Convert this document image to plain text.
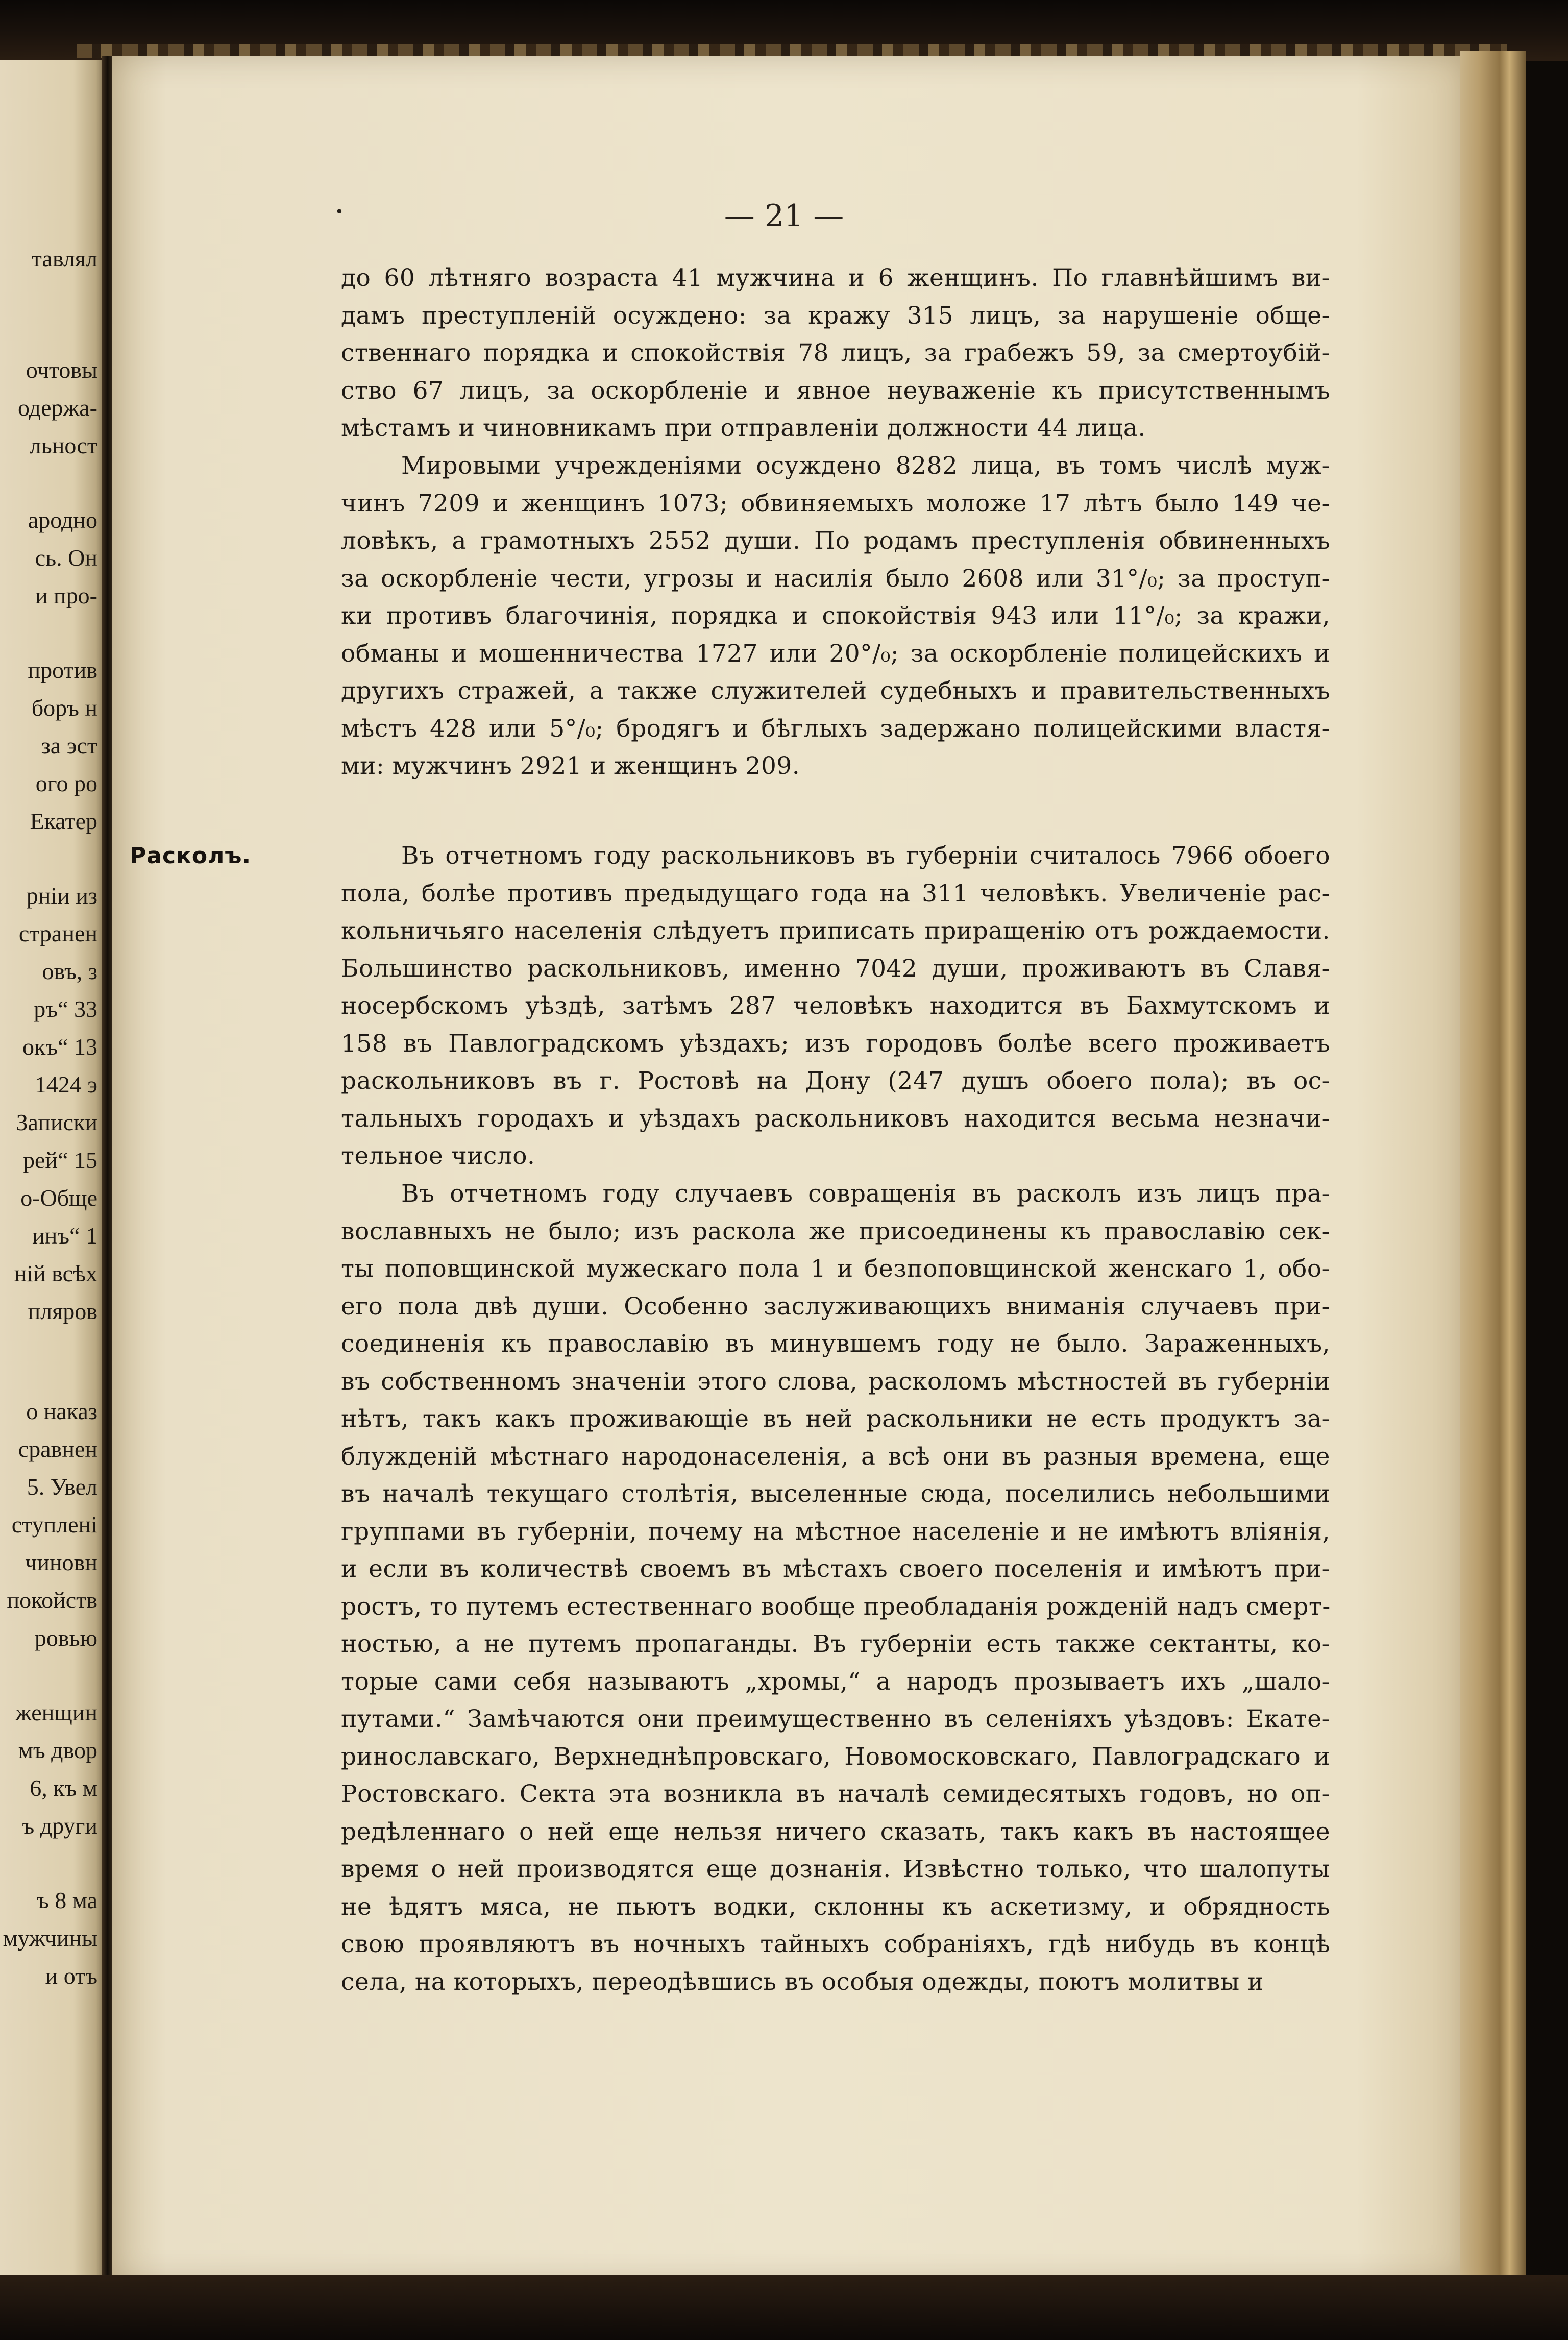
тавлял
очтовы
одержа-
льност
ародно
сь. Он
и про-
против
боръ н
за эст
ого ро
Екатер
рніи из
странен
овъ, з
ръ“ 33
окъ“ 13
1424 э
Записки
рей“ 15
о-Обще
инъ“ 1
ній всѣх
пляров
о наказ
сравнен
5. Увел
ступлені
чиновн
покойств
ровью
женщин
мъ двор
6, къ м
ъ други
ъ 8 ма
мужчины
и отъ
•	— 21 —
Расколъ.
до 60 лѣтняго возраста 41 мужчина и 6 женщинъ. По главнѣйшимъ ви-
дамъ преступленій осуждено: за кражу 315 лицъ, за нарушеніе обще-
ственнаго порядка и спокойствія 78 лицъ, за грабежъ 59, за смертоубій-
ство 67 лицъ, за оскорбленіе и явное неуваженіе къ присутственнымъ
мѣстамъ и чиновникамъ при отправленіи должности 44 лица.
Мировыми учрежденіями осуждено 8282 лица, въ томъ числѣ муж-
чинъ 7209 и женщинъ 1073; обвиняемыхъ моложе 17 лѣтъ было 149 че-
ловѣкъ, а грамотныхъ 2552 души. По родамъ преступленія обвиненныхъ
за оскорбленіе чести, угрозы и насилія было 2608 или 31°/₀; за проступ-
ки противъ благочинія, порядка и спокойствія 943 или 11°/₀; за кражи,
обманы и мошенничества 1727 или 20°/₀; за оскорбленіе полицейскихъ и
другихъ стражей, а также служителей судебныхъ и правительственныхъ
мѣстъ 428 или 5°/₀; бродягъ и бѣглыхъ задержано полицейскими властя-
ми: мужчинъ 2921 и женщинъ 209.
Въ отчетномъ году раскольниковъ въ губерніи считалось 7966 обоего
пола, болѣе противъ предыдущаго года на 311 человѣкъ. Увеличеніе рас-
кольничьяго населенія слѣдуетъ приписать приращенію отъ рождаемости.
Большинство раскольниковъ, именно 7042 души, проживаютъ въ Славя-
носербскомъ уѣздѣ, затѣмъ 287 человѣкъ находится въ Бахмутскомъ и
158 въ Павлоградскомъ уѣздахъ; изъ городовъ болѣе всего проживаетъ
раскольниковъ въ г. Ростовѣ на Дону (247 душъ обоего пола); въ ос-
тальныхъ городахъ и уѣздахъ раскольниковъ находится весьма незначи-
тельное число.
Въ отчетномъ году случаевъ совращенія въ расколъ изъ лицъ пра-
вославныхъ не было; изъ раскола же присоединены къ православію сек-
ты поповщинской мужескаго пола 1 и безпоповщинской женскаго 1, обо-
его пола двѣ души. Особенно заслуживающихъ вниманія случаевъ при-
соединенія къ православію въ минувшемъ году не было. Зараженныхъ,
въ собственномъ значеніи этого слова, расколомъ мѣстностей въ губерніи
нѣтъ, такъ какъ проживающіе въ ней раскольники не есть продуктъ за-
блужденій мѣстнаго народонаселенія, а всѣ они въ разныя времена, еще
въ началѣ текущаго столѣтія, выселенные сюда, поселились небольшими
группами въ губерніи, почему на мѣстное населеніе и не имѣютъ вліянія,
и если въ количествѣ своемъ въ мѣстахъ своего поселенія и имѣютъ при-
ростъ, то путемъ естественнаго вообще преобладанія рожденій надъ смерт-
ностью, а не путемъ пропаганды. Въ губерніи есть также сектанты, ко-
торые сами себя называютъ „хромы,“ а народъ прозываетъ ихъ „шало-
путами.“ Замѣчаются они преимущественно въ селеніяхъ уѣздовъ: Екате-
ринославскаго, Верхнеднѣпровскаго, Новомосковскаго, Павлоградскаго и
Ростовскаго. Секта эта возникла въ началѣ семидесятыхъ годовъ, но оп-
редѣленнаго о ней еще нельзя ничего сказать, такъ какъ въ настоящее
время о ней производятся еще дознанія. Извѣстно только, что шалопуты
не ѣдятъ мяса, не пьютъ водки, склонны къ аскетизму, и обрядность
свою проявляютъ въ ночныхъ тайныхъ собраніяхъ, гдѣ нибудь въ концѣ
села, на которыхъ, переодѣвшись въ особыя одежды, поютъ молитвы и
